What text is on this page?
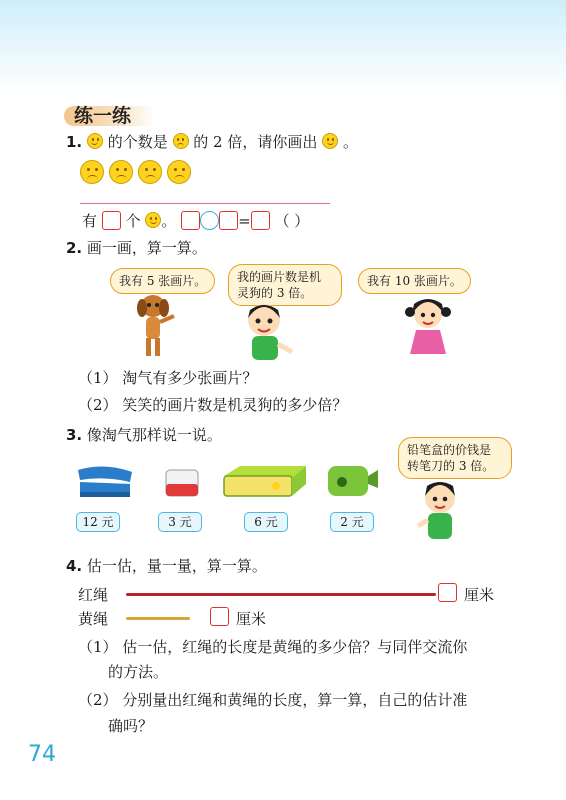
练一练
1. 的个数是 的 2 倍，请你画出 。

有 个 。	= （ ）
2. 画一画，算一算。
我有 5 张画片。	我的画片数是机
灵狗的 3 倍。
我有 10 张画片。
（1） 淘气有多少张画片？
（2） 笑笑的画片数是机灵狗的多少倍？
3. 像淘气那样说一说。
铅笔盒的价钱是
转笔刀的 3 倍。
12 元	3 元	6 元	2 元
4. 估一估，量一量，算一算。
红绳	厘米
黄绳	厘米
（1） 估一估，红绳的长度是黄绳的多少倍？与同伴交流你
的方法。
（2） 分别量出红绳和黄绳的长度，算一算，自己的估计准
确吗？
74
